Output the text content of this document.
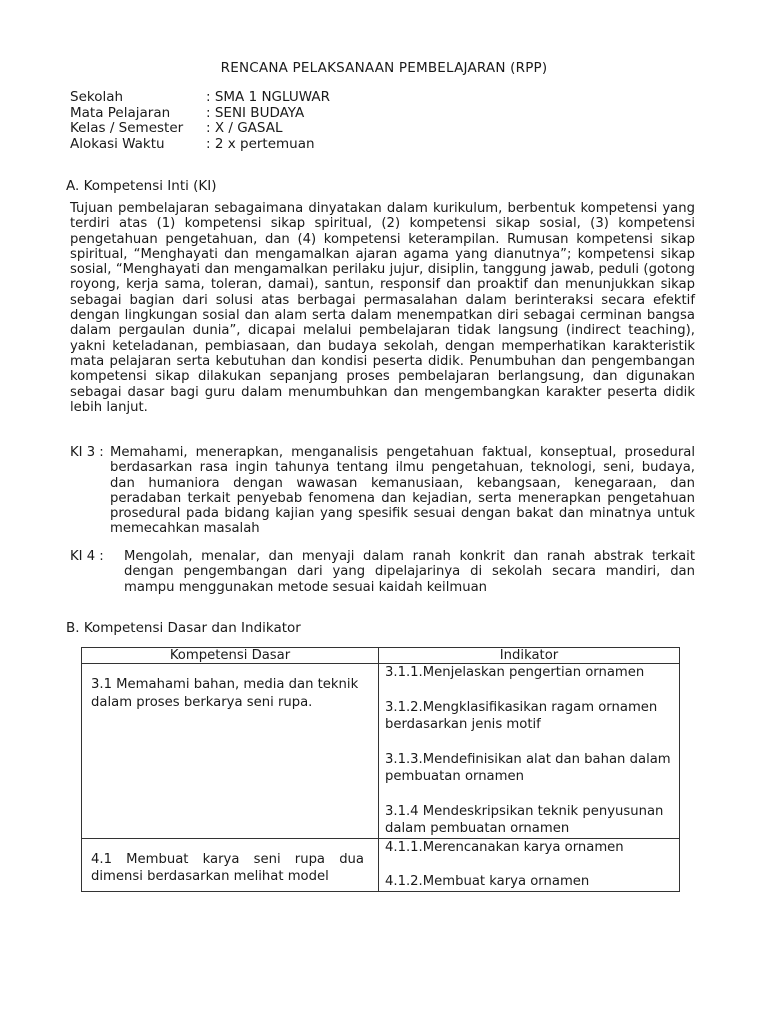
RENCANA PELAKSANAAN PEMBELAJARAN (RPP)
Sekolah	: SMA 1 NGLUWAR
Mata Pelajaran	: SENI BUDAYA
Kelas / Semester	: X / GASAL
Alokasi Waktu	: 2 x pertemuan
A. Kompetensi Inti (KI)
Tujuan pembelajaran sebagaimana dinyatakan dalam kurikulum, berbentuk kompetensi yang terdiri atas (1) kompetensi sikap spiritual, (2) kompetensi sikap sosial, (3) kompetensi pengetahuan pengetahuan, dan (4) kompetensi keterampilan. Rumusan kompetensi sikap spiritual, “Menghayati dan mengamalkan ajaran agama yang dianutnya”; kompetensi sikap sosial, “Menghayati dan mengamalkan perilaku jujur, disiplin, tanggung jawab, peduli (gotong royong, kerja sama, toleran, damai), santun, responsif dan proaktif dan menunjukkan sikap sebagai bagian dari solusi atas berbagai permasalahan dalam berinteraksi secara efektif dengan lingkungan sosial dan alam serta dalam menempatkan diri sebagai cerminan bangsa dalam pergaulan dunia”, dicapai melalui pembelajaran tidak langsung (indirect teaching), yakni keteladanan, pembiasaan, dan budaya sekolah, dengan memperhatikan karakteristik mata pelajaran serta kebutuhan dan kondisi peserta didik. Penumbuhan dan pengembangan kompetensi sikap dilakukan sepanjang proses pembelajaran berlangsung, dan digunakan sebagai dasar bagi guru dalam menumbuhkan dan mengembangkan karakter peserta didik lebih lanjut.
KI 3 : Memahami, menerapkan, menganalisis pengetahuan faktual, konseptual, prosedural berdasarkan rasa ingin tahunya tentang ilmu pengetahuan, teknologi, seni, budaya, dan humaniora dengan wawasan kemanusiaan, kebangsaan, kenegaraan, dan peradaban terkait penyebab fenomena dan kejadian, serta menerapkan pengetahuan prosedural pada bidang kajian yang spesifik sesuai dengan bakat dan minatnya untuk memecahkan masalah
KI 4 :	Mengolah, menalar, dan menyaji dalam ranah konkrit dan ranah abstrak terkait dengan pengembangan dari yang dipelajarinya di sekolah secara mandiri, dan mampu menggunakan metode sesuai kaidah keilmuan
B. Kompetensi Dasar dan Indikator
Kompetensi Dasar	Indikator

3.1 Memahami bahan, media dan teknik dalam proses berkarya seni rupa.	3.1.1.Menjelaskan pengertian ornamen

3.1.2.Mengklasifikasikan ragam ornamen berdasarkan jenis motif

3.1.3.Mendefinisikan alat dan bahan dalam pembuatan ornamen

3.1.4 Mendeskripsikan teknik penyusunan dalam pembuatan ornamen

4.1 Membuat karya seni rupa dua dimensi berdasarkan melihat model	4.1.1.Merencanakan karya ornamen

4.1.2.Membuat karya ornamen
